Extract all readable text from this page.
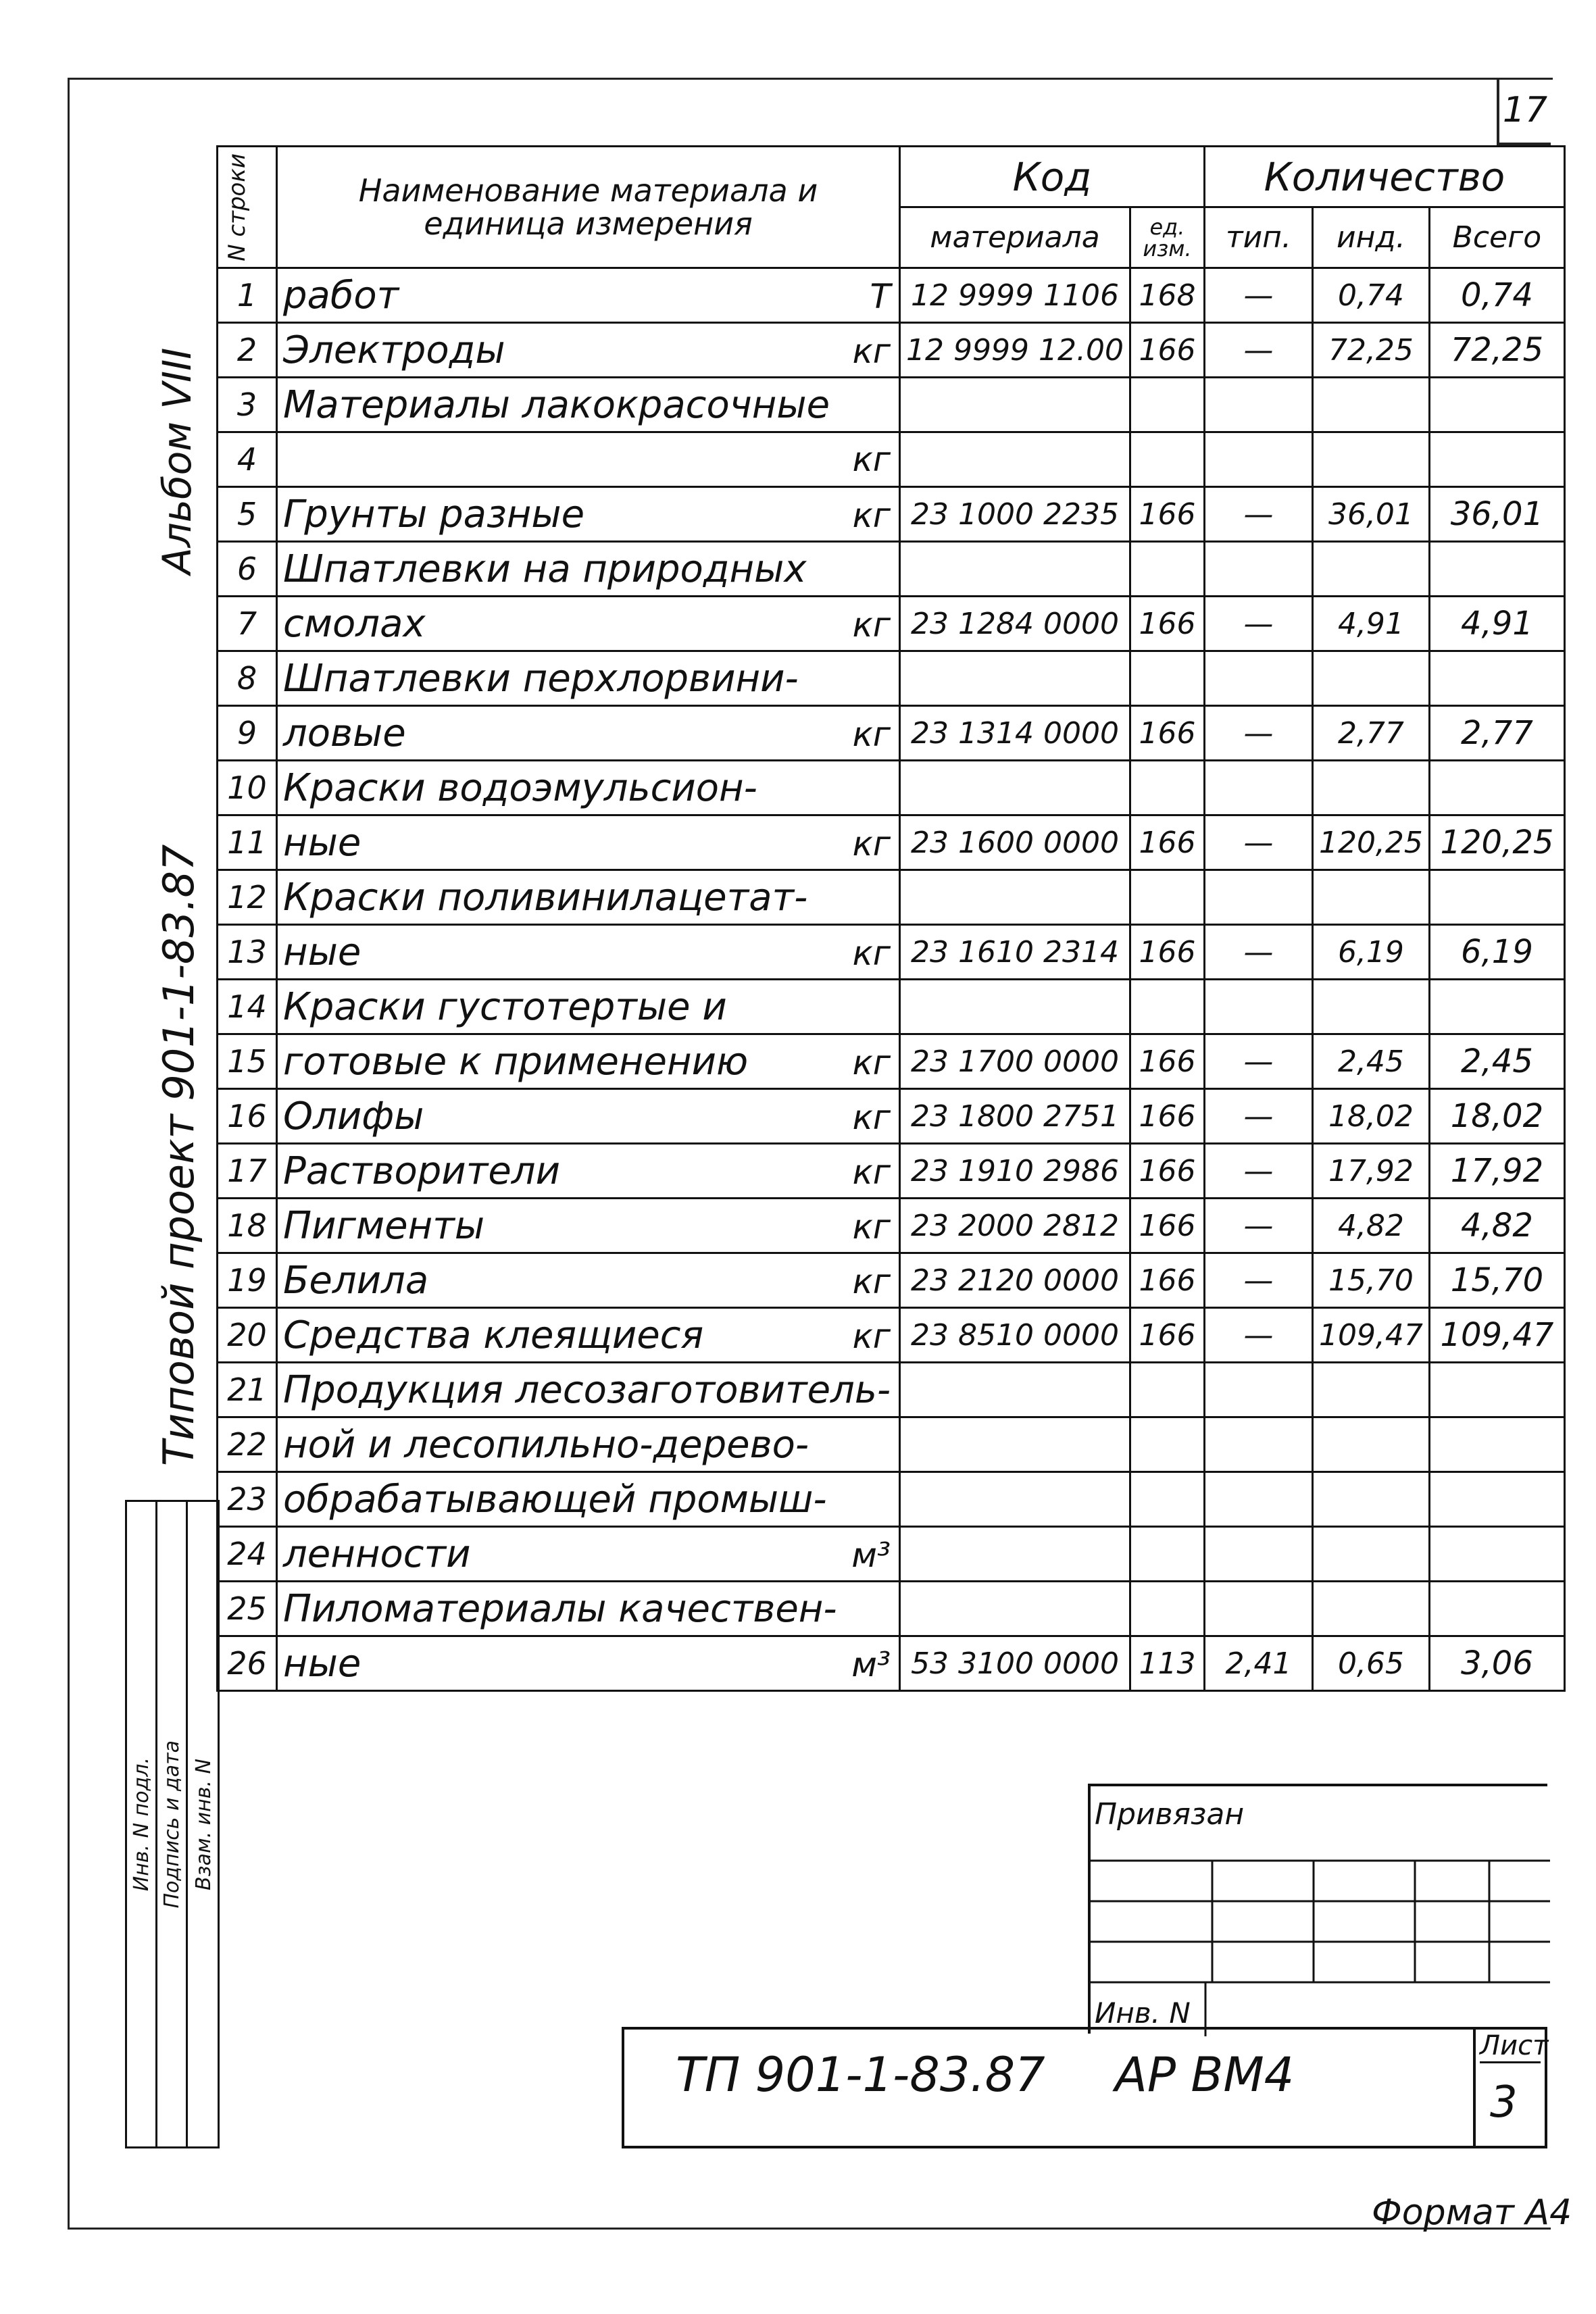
17
Альбом VIII
Типовой проект 901-1-83.87
N строки	Наименование материала и единица измерения	Код		Количество		
		материала	ед. изм.	тип.	инд.	Всего
1	работ Т	12 9999 1106	168	—	0,74	0,74
2	Электроды кг	12 9999 12.00	166	—	72,25	72,25
3	Материалы лакокрасочные					

4	кг					

5	Грунты разные кг	23 1000 2235	166	—	36,01	36,01
6	Шпатлевки на природных					

7	смолах кг	23 1284 0000	166	—	4,91	4,91
8	Шпатлевки перхлорвини-					

9	ловые кг	23 1314 0000	166	—	2,77	2,77
10	Краски водоэмульсион-					

11	ные кг	23 1600 0000	166	—	120,25	120,25
12	Краски поливинилацетат-					

13	ные кг	23 1610 2314	166	—	6,19	6,19
14	Краски густотертые и					

15	готовые к применению кг	23 1700 0000	166	—	2,45	2,45
16	Олифы кг	23 1800 2751	166	—	18,02	18,02
17	Растворители кг	23 1910 2986	166	—	17,92	17,92
18	Пигменты кг	23 2000 2812	166	—	4,82	4,82
19	Белила кг	23 2120 0000	166	—	15,70	15,70
20	Средства клеящиеся кг	23 8510 0000	166	—	109,47	109,47
21	Продукция лесозаготовитель-					

22	ной и лесопильно-дерево-					

23	обрабатывающей промыш-					

24	ленности м³					

25	Пиломатериалы качествен-					

26	ные м³	53 3100 0000	113	2,41	0,65	3,06
Инв. N подл. Подпись и дата Взам. инв. N	Привязан
Инв. N
ТП 901-1-83.87 АР ВМ4
Лист
3
Формат А4
